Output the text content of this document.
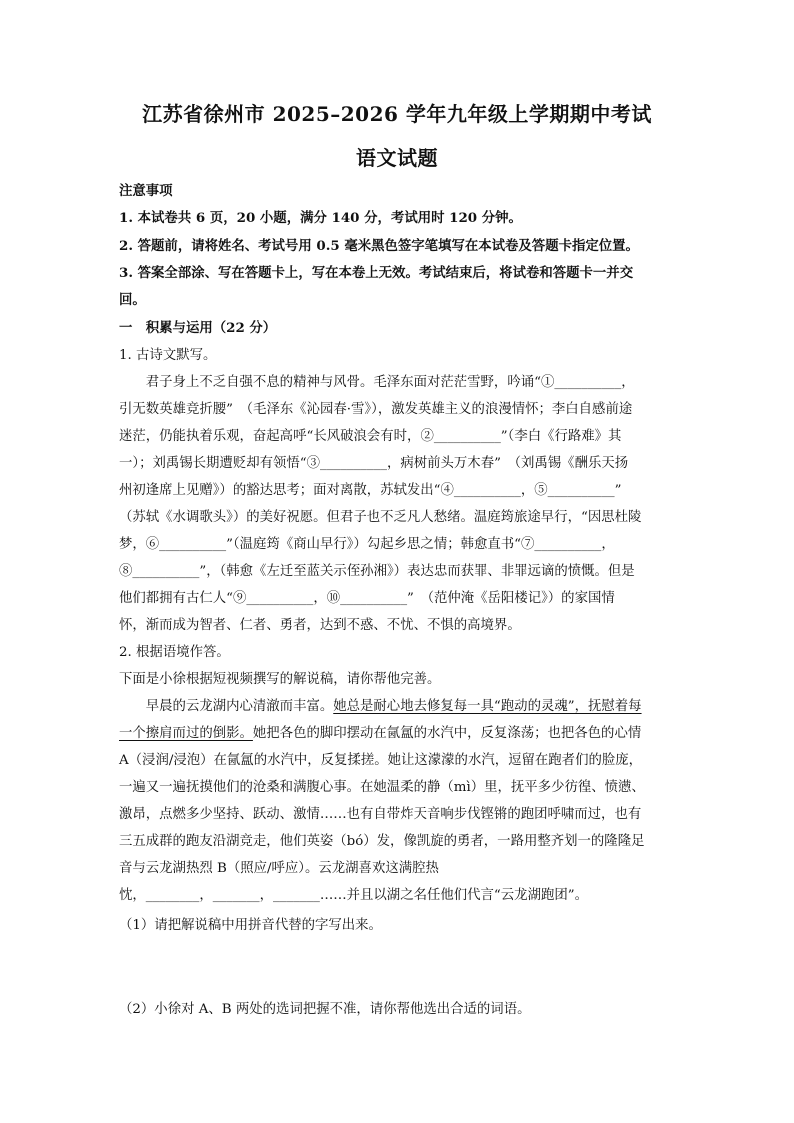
江苏省徐州市 2025–2026 学年九年级上学期期中考试
语文试题
注意事项
1. 本试卷共 6 页，20 小题，满分 140 分，考试用时 120 分钟。
2. 答题前，请将姓名、考试号用 0.5 毫米黑色签字笔填写在本试卷及答题卡指定位置。
3. 答案全部涂、写在答题卡上，写在本卷上无效。考试结束后，将试卷和答题卡一并交
回。
一　积累与运用（22 分）
1. 古诗文默写。
　　君子身上不乏自强不息的精神与风骨。毛泽东面对茫茫雪野，吟诵“①__________，
引无数英雄竞折腰”　（毛泽东《沁园春·雪》），激发英雄主义的浪漫情怀；李白自感前途
迷茫，仍能执着乐观，奋起高呼“长风破浪会有时，②__________”（李白《行路难》其
一）；刘禹锡长期遭贬却有领悟“③__________，病树前头万木春”　（刘禹锡《酬乐天扬
州初逢席上见赠》）的豁达思考；面对离散，苏轼发出“④__________，⑤__________”
（苏轼《水调歌头》）的美好祝愿。但君子也不乏凡人愁绪。温庭筠旅途早行，“因思杜陵
梦，⑥__________”（温庭筠《商山早行》）勾起乡思之情；韩愈直书“⑦__________，
⑧__________”，（韩愈《左迁至蓝关示侄孙湘》）表达忠而获罪、非罪远谪的愤慨。但是
他们都拥有古仁人“⑨__________，⑩__________”　（范仲淹《岳阳楼记》）的家国情
怀，渐而成为智者、仁者、勇者，达到不惑、不忧、不惧的高境界。
2. 根据语境作答。
下面是小徐根据短视频撰写的解说稿，请你帮他完善。
　　早晨的云龙湖内心清澈而丰富。她总是耐心地去修复每一具“跑动的灵魂”，抚慰着每
一个擦肩而过的倒影。她把各色的脚印摆动在氤氲的水汽中，反复涤荡；也把各色的心情
A（浸润/浸泡）在氤氲的水汽中，反复揉搓。她让这濛濛的水汽，逗留在跑者们的脸庞，
一遍又一遍抚摸他们的沧桑和满腹心事。在她温柔的静（mì）里，抚平多少彷徨、愤懑、
激昂，点燃多少坚持、跃动、激情……也有自带炸天音响步伐铿锵的跑团呼啸而过，也有
三五成群的跑友沿湖竞走，他们英姿（bó）发，像凯旋的勇者，一路用整齐划一的隆隆足
音与云龙湖热烈 B（照应/呼应）。云龙湖喜欢这满腔热
忱，________，_______，_______……并且以湖之名任他们代言“云龙湖跑团”。
（1）请把解说稿中用拼音代替的字写出来。
（2）小徐对 A、B 两处的选词把握不准，请你帮他选出合适的词语。
